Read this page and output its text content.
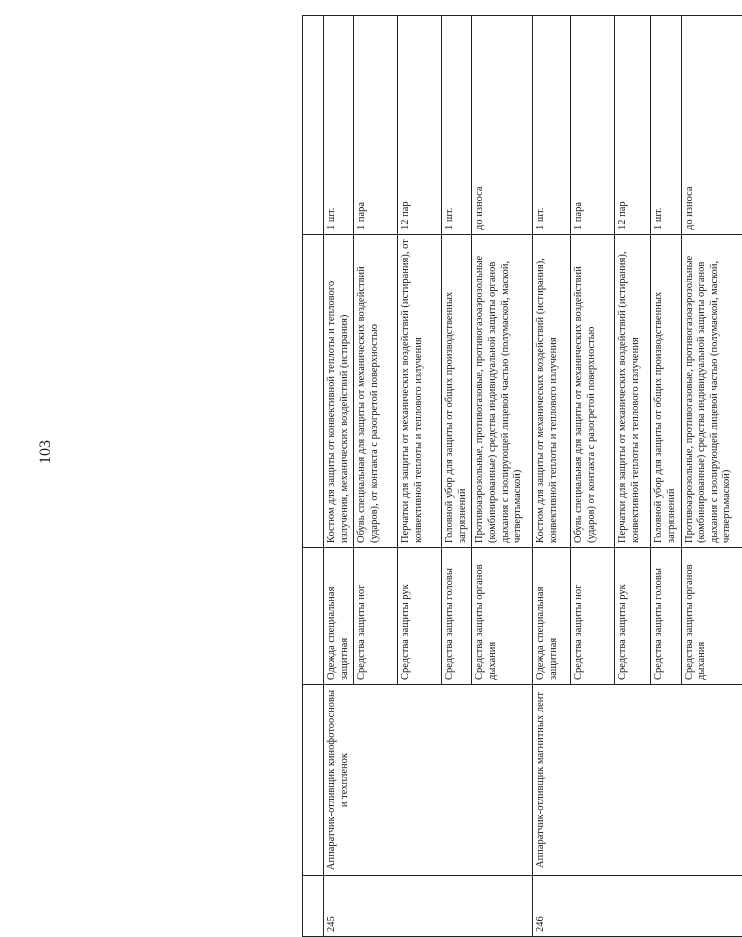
103

245	Аппаратчик-отливщик кинофотоосновы и техпленок	Одежда специальная защитная	Костюм для защиты от конвективной теплоты и теплового излучения, механических воздействий (истирания)	1 шт.
		Средства защиты ног	Обувь специальная для защиты от механических воздействий (ударов), от контакта с разогретой поверхностью	1 пара
		Средства защиты рук	Перчатки для защиты от механических воздействий (истирания), от конвективной теплоты и теплового излучения	12 пар
		Средства защиты головы	Головной убор для защиты от общих производственных загрязнений	1 шт.
		Средства защиты органов дыхания	Противоаэрозольные, противогазовые, противогазоаэрозольные (комбинированные) средства индивидуальной защиты органов дыхания с изолирующей лицевой частью (полумаской, маской, четвертьмаской)	до износа
246	Аппаратчик-отливщик магнитных лент	Одежда специальная защитная	Костюм для защиты от механических воздействий (истирания), конвективной теплоты и теплового излучения	1 шт.
		Средства защиты ног	Обувь специальная для защиты от механических воздействий (ударов) от контакта с разогретой поверхностью	1 пара
		Средства защиты рук	Перчатки для защиты от механических воздействий (истирания), конвективной теплоты и теплового излучения	12 пар
		Средства защиты головы	Головной убор для защиты от общих производственных загрязнений	1 шт.
		Средства защиты органов дыхания	Противоаэрозольные, противогазовые, противогазоаэрозольные (комбинированные) средства индивидуальной защиты органов дыхания с изолирующей лицевой частью (полумаской, маской, четвертьмаской)	до износа
